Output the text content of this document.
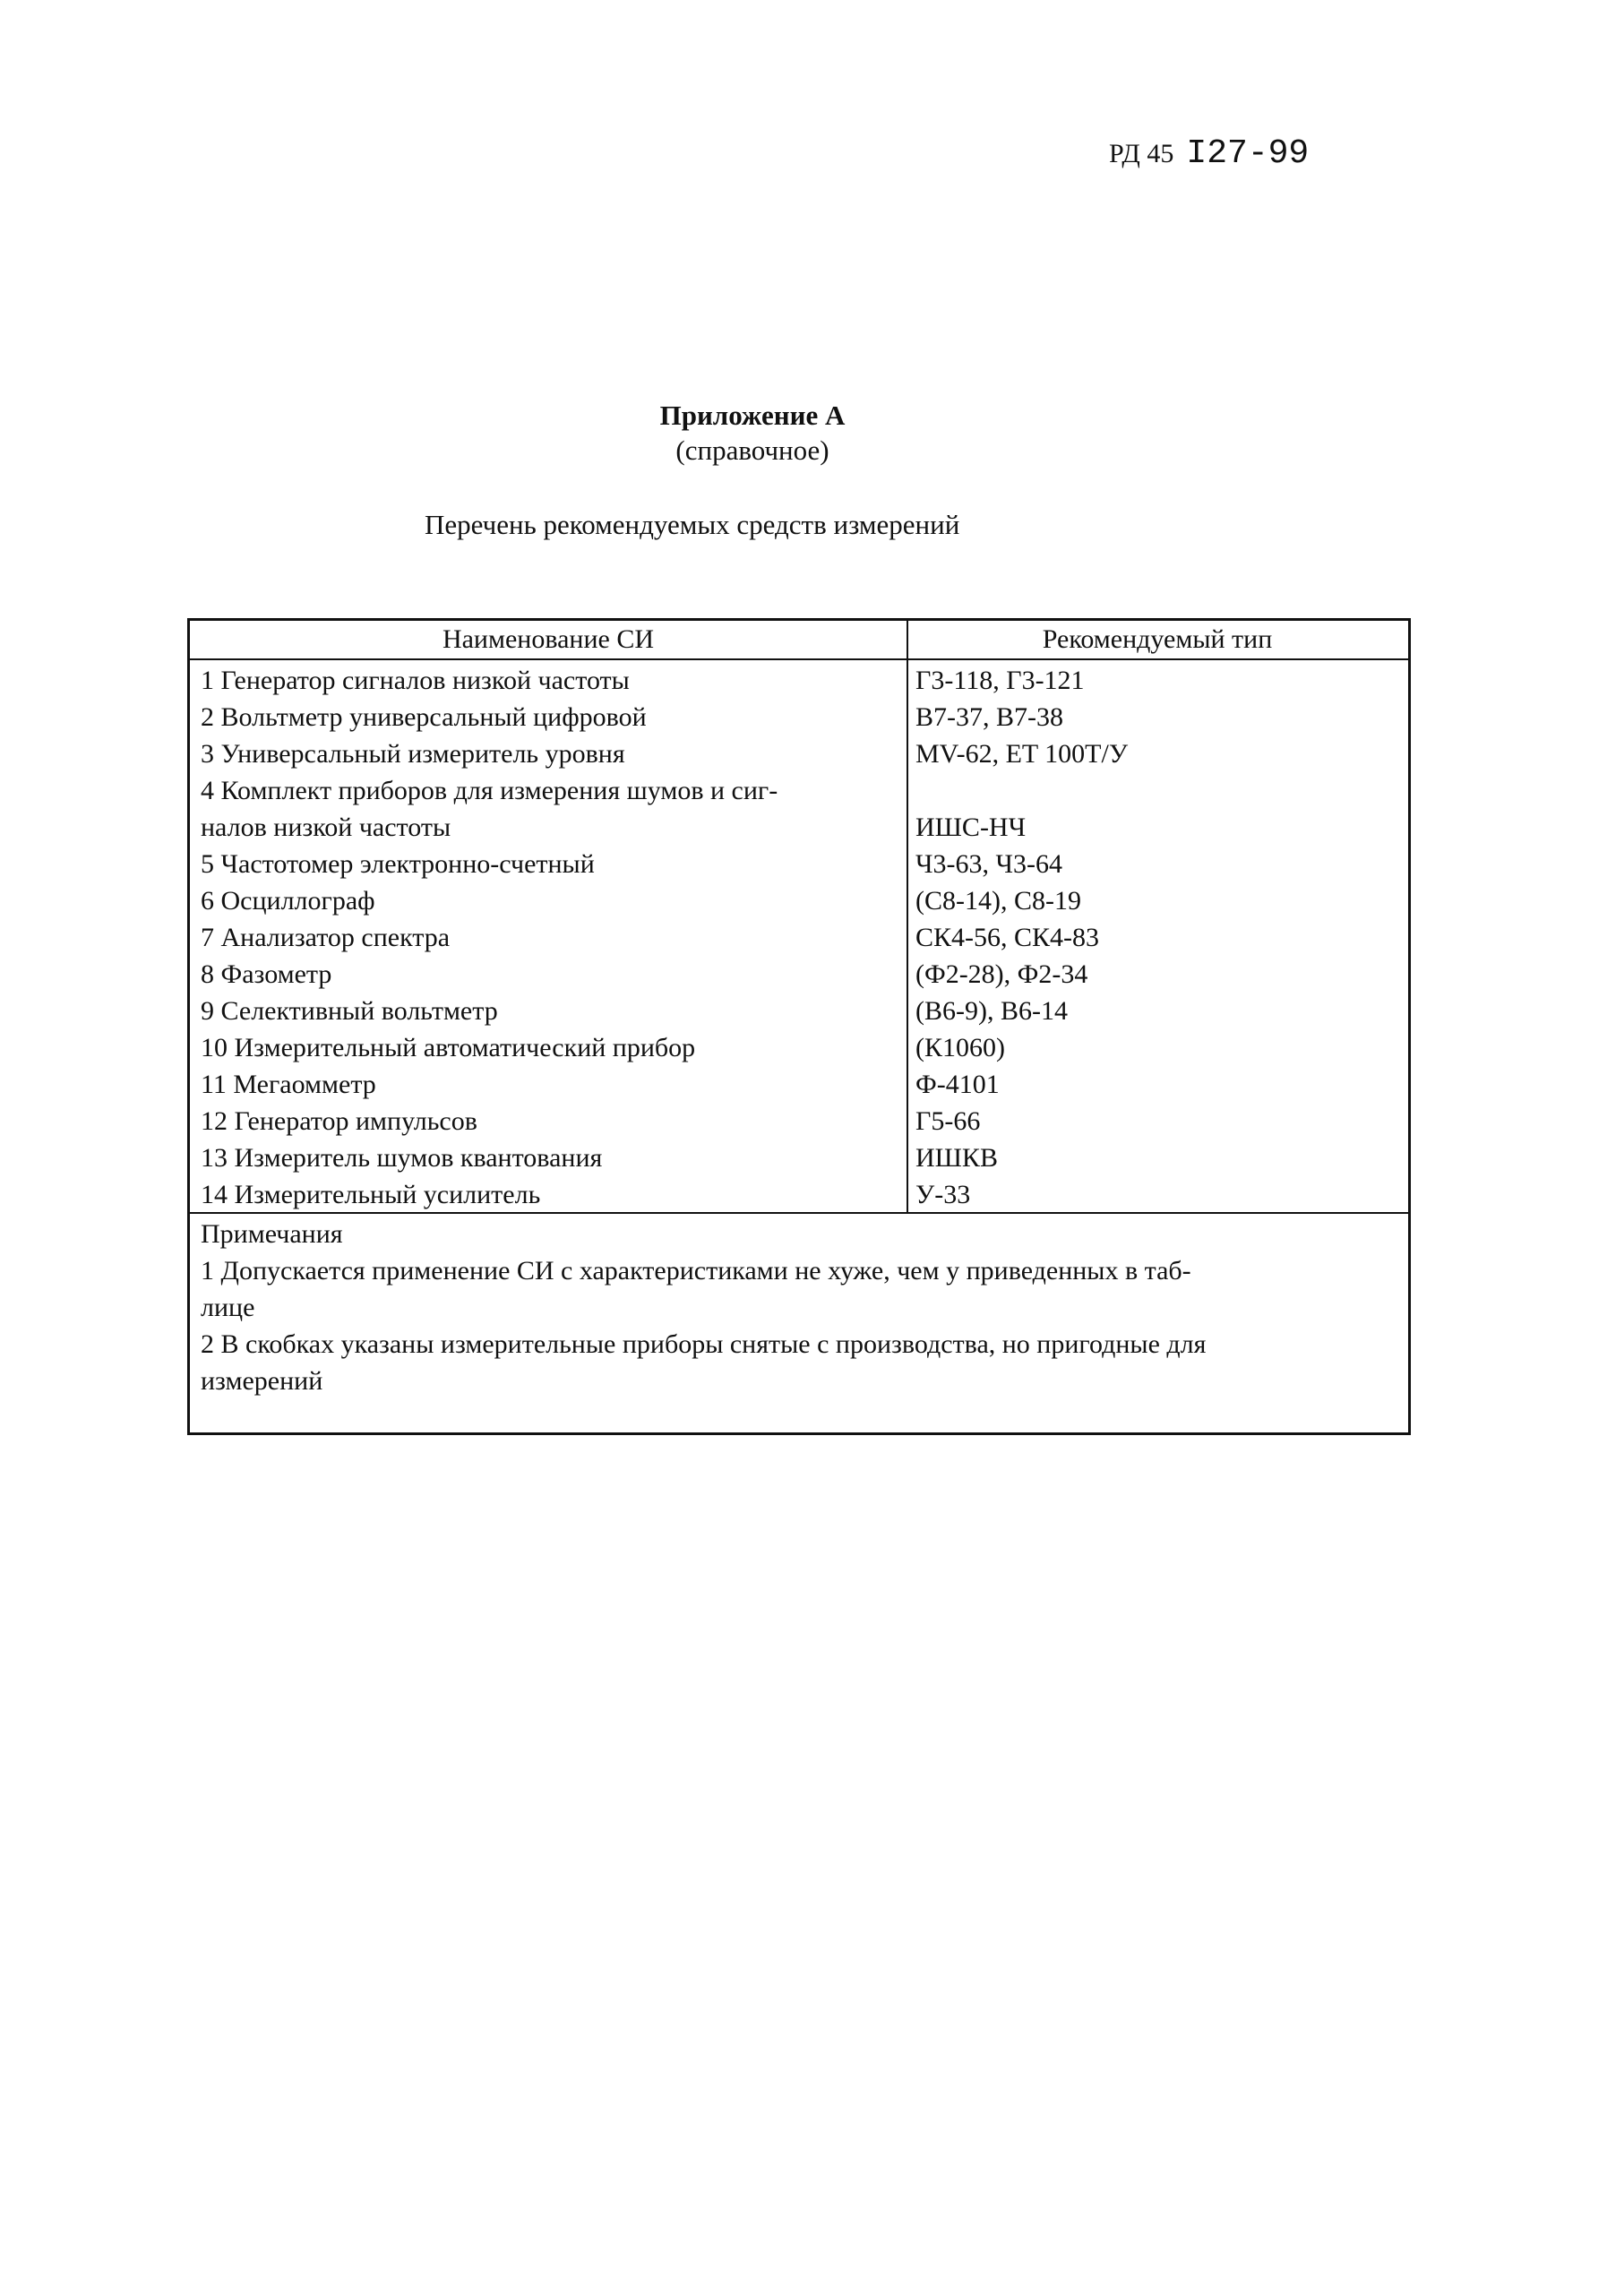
РД 45 I27-99
Приложение А
(справочное)
Перечень рекомендуемых средств измерений
Наименование СИ	Рекомендуемый тип
1 Генератор сигналов низкой частоты	Г3-118, Г3-121
2 Вольтметр универсальный цифровой	В7-37, В7-38
3 Универсальный измеритель уровня	MV-62, ET 100Т/У
4 Комплект приборов для измерения шумов и сиг-
налов низкой частоты	ИШС-НЧ
5 Частотомер электронно-счетный	Ч3-63, Ч3-64
6 Осциллограф	(С8-14), С8-19
7 Анализатор спектра	СК4-56, СК4-83
8 Фазометр	(Ф2-28), Ф2-34
9 Селективный вольтметр	(В6-9), В6-14
10 Измерительный автоматический прибор	(К1060)
11 Мегаомметр	Ф-4101
12 Генератор импульсов	Г5-66
13 Измеритель шумов квантования	ИШКВ
14 Измерительный усилитель	У-33
Примечания
1 Допускается применение СИ с характеристиками не хуже, чем у приведенных в таб-
лице
2 В скобках указаны измерительные приборы снятые с производства, но пригодные для
измерений
